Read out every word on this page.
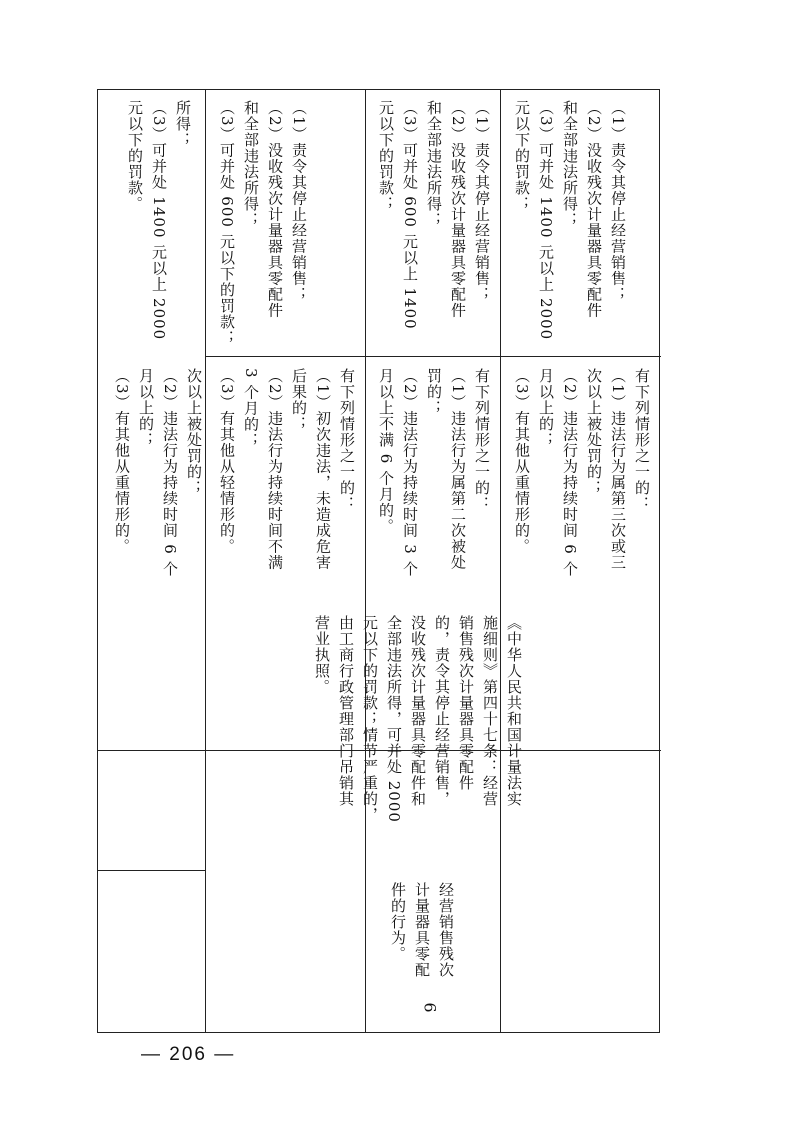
次以上被处罚的；
（2）违法行为持续时间 6 个
月以上的；
（3）有其他从重情形的。
所得；
（3）可并处 1400 元以上 2000
元以下的罚款。
有下列情形之一的：
（1）初次违法，未造成危害
后果的；
（2）违法行为持续时间不满
3 个月的；
（3）有其他从轻情形的。
（1）责令其停止经营销售；
（2）没收残次计量器具零配件
和全部违法所得；
（3）可并处 600 元以下的罚款；
有下列情形之一的：
（1）违法行为属第二次被处
罚的；
（2）违法行为持续时间 3 个
月以上不满 6 个月的。
（1）责令其停止经营销售；
（2）没收残次计量器具零配件
和全部违法所得；
（3）可并处 600 元以上 1400
元以下的罚款；
有下列情形之一的：
（1）违法行为属第三次或三
次以上被处罚的；
（2）违法行为持续时间 6 个
月以上的；
（3）有其他从重情形的。
（1）责令其停止经营销售；
（2）没收残次计量器具零配件
和全部违法所得；
（3）可并处 1400 元以上 2000
元以下的罚款；
《中华人民共和国计量法实
施细则》第四十七条：经营
销售残次计量器具零配件
的，责令其停止经营销售，
没收残次计量器具零配件和
全部违法所得，可并处 2000
元以下的罚款；情节严重的，
由工商行政管理部门吊销其
营业执照。
经营销售残次
计量器具零配
件的行为。
6
— 206 —
